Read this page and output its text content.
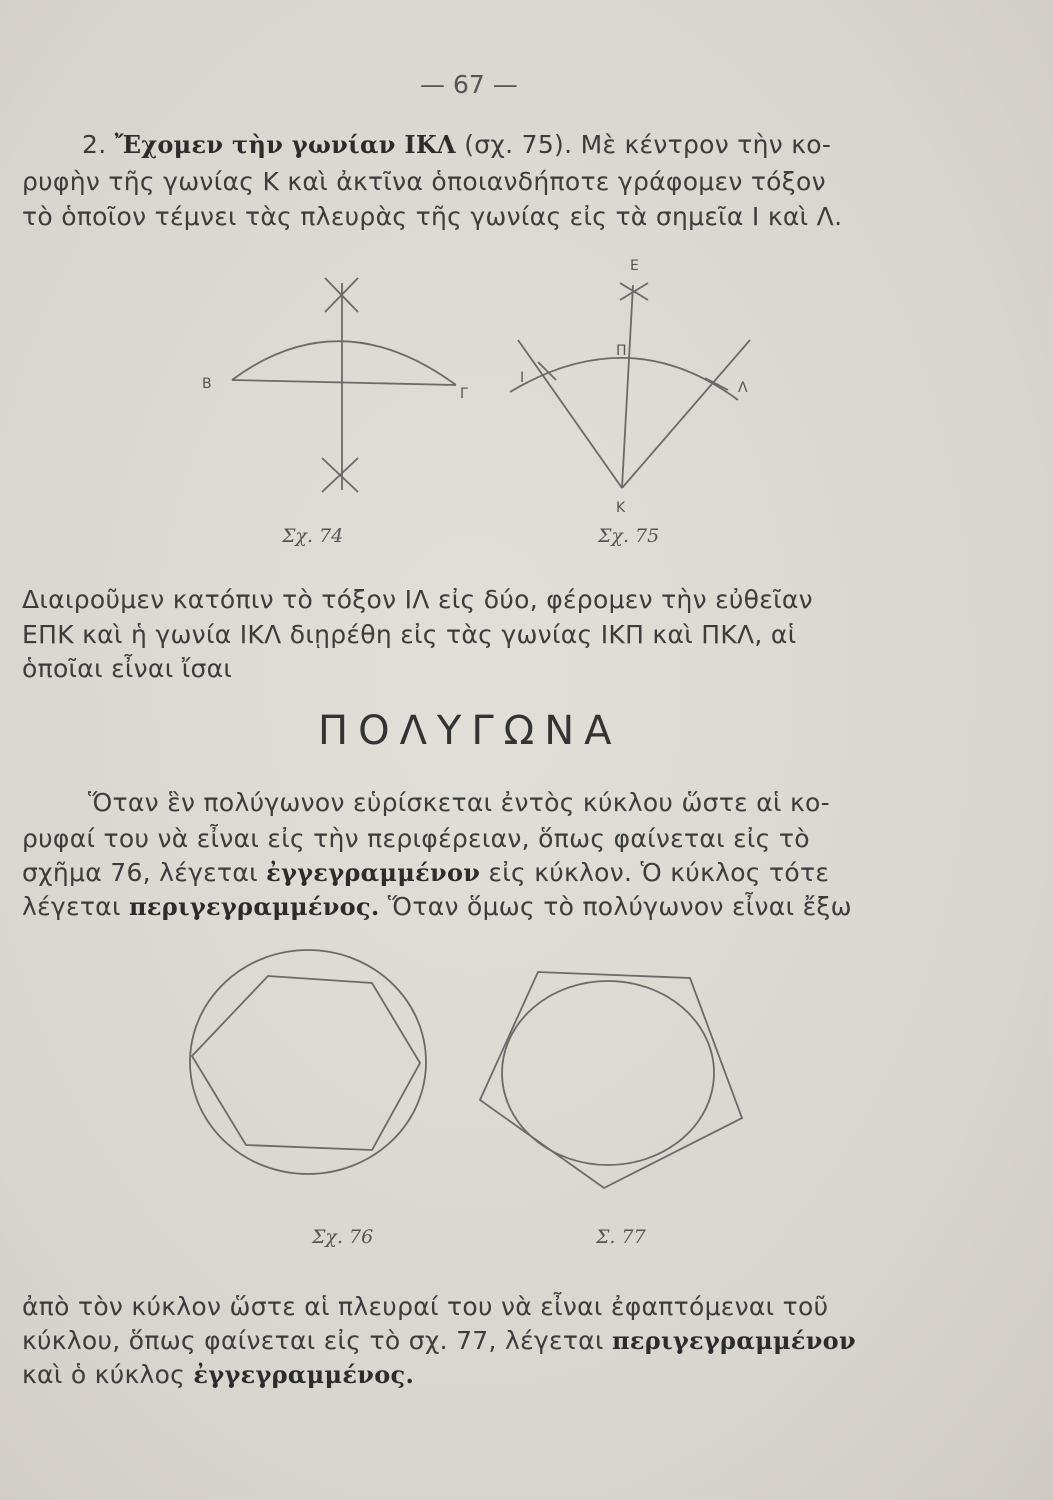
— 67 —

2. Ἔχομεν τὴν γωνίαν ΙΚΛ (σχ. 75). Μὲ κέντρον τὴν κο-

ρυφὴν τῆς γωνίας Κ καὶ ἀκτῖνα ὁποιανδήποτε γράφομεν τόξον

τὸ ὁποῖον τέμνει τὰς πλευρὰς τῆς γωνίας εἰς τὰ σημεῖα Ι καὶ Λ.

Β
Γ
Ε
Π
Ι
Λ
Κ
Σχ. 74	Σχ. 75

Διαιροῦμεν κατόπιν τὸ τόξον ΙΛ εἰς δύο, φέρομεν τὴν εὐθεῖαν

ΕΠΚ καὶ ἡ γωνία ΙΚΛ διῃρέθη εἰς τὰς γωνίας ΙΚΠ καὶ ΠΚΛ, αἱ

ὁποῖαι εἶναι ἴσαι

ΠΟΛΥΓΩΝΑ

Ὅταν ἓν πολύγωνον εὑρίσκεται ἐντὸς κύκλου ὥστε αἱ κο-

ρυφαί του νὰ εἶναι εἰς τὴν περιφέρειαν, ὅπως φαίνεται εἰς τὸ

σχῆμα 76, λέγεται ἐγγεγραμμένον εἰς κύκλον. Ὁ κύκλος τότε

λέγεται περιγεγραμμένος. Ὅταν ὅμως τὸ πολύγωνον εἶναι ἔξω

Σχ. 76	Σ. 77

ἀπὸ τὸν κύκλον ὥστε αἱ πλευραί του νὰ εἶναι ἐφαπτόμεναι τοῦ

κύκλου, ὅπως φαίνεται εἰς τὸ σχ. 77, λέγεται περιγεγραμμένον

καὶ ὁ κύκλος ἐγγεγραμμένος.
